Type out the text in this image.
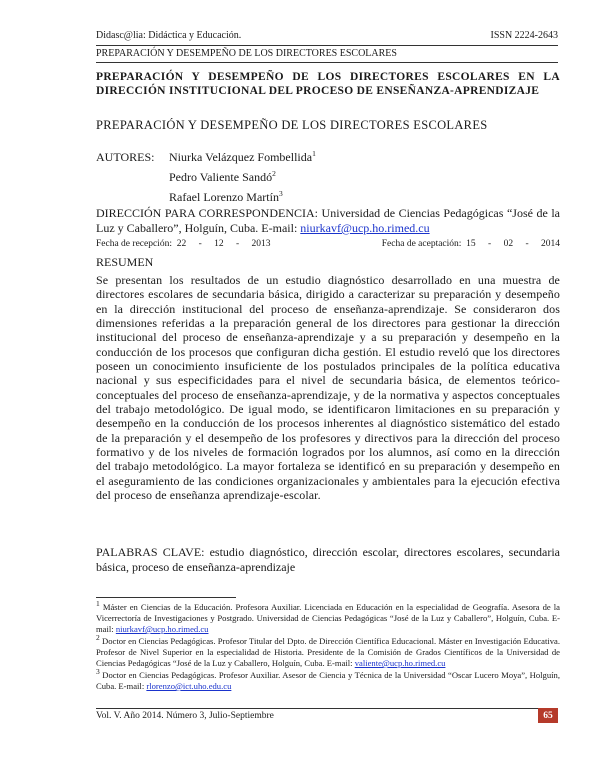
Didasc@lia: Didáctica y Educación.	ISSN 2224-2643
PREPARACIÓN Y DESEMPEÑO DE LOS DIRECTORES ESCOLARES
PREPARACIÓN Y DESEMPEÑO DE LOS DIRECTORES ESCOLARES EN LA DIRECCIÓN INSTITUCIONAL DEL PROCESO DE ENSEÑANZA-APRENDIZAJE
PREPARACIÓN Y DESEMPEÑO DE LOS DIRECTORES ESCOLARES
AUTORES: Niurka Velázquez Fombellida$^1$
Pedro Valiente Sandó$^2$
Rafael Lorenzo Martín$^3$
DIRECCIÓN PARA CORRESPONDENCIA: Universidad de Ciencias Pedagógicas “José de la Luz y Caballero”, Holguín, Cuba. E-mail: niurkavf@ucp.ho.rimed.cu
Fecha de recepción: 22 - 12 - 2013	Fecha de aceptación: 15 - 02 - 2014
RESUMEN
Se presentan los resultados de un estudio diagnóstico desarrollado en una muestra de directores escolares de secundaria básica, dirigido a caracterizar su preparación y desempeño en la dirección institucional del proceso de enseñanza-aprendizaje. Se consideraron dos dimensiones referidas a la preparación general de los directores para gestionar la dirección institucional del proceso de enseñanza-aprendizaje y a su preparación y desempeño en la conducción de los procesos que configuran dicha gestión. El estudio reveló que los directores poseen un conocimiento insuficiente de los postulados principales de la política educativa nacional y sus especificidades para el nivel de secundaria básica, de elementos teórico-conceptuales del proceso de enseñanza-aprendizaje, y de la normativa y aspectos conceptuales del trabajo metodológico. De igual modo, se identificaron limitaciones en su preparación y desempeño en la conducción de los procesos inherentes al diagnóstico sistemático del estado de la preparación y el desempeño de los profesores y directivos para la dirección del proceso formativo y de los niveles de formación logrados por los alumnos, así como en la dirección del trabajo metodológico. La mayor fortaleza se identificó en su preparación y desempeño en el aseguramiento de las condiciones organizacionales y ambientales para la ejecución efectiva del proceso de enseñanza aprendizaje-escolar.
PALABRAS CLAVE: estudio diagnóstico, dirección escolar, directores escolares, secundaria básica, proceso de enseñanza-aprendizaje

$^1$ Máster en Ciencias de la Educación. Profesora Auxiliar. Licenciada en Educación en la especialidad de Geografía. Asesora de la Vicerrectoría de Investigaciones y Postgrado. Universidad de Ciencias Pedagógicas “José de la Luz y Caballero”, Holguín, Cuba. E-mail: niurkavf@ucp.ho.rimed.cu

$^2$ Doctor en Ciencias Pedagógicas. Profesor Titular del Dpto. de Dirección Científica Educacional. Máster en Investigación Educativa. Profesor de Nivel Superior en la especialidad de Historia. Presidente de la Comisión de Grados Científicos de la Universidad de Ciencias Pedagógicas “José de la Luz y Caballero, Holguín, Cuba. E-mail: valiente@ucp.ho.rimed.cu

$^3$ Doctor en Ciencias Pedagógicas. Profesor Auxiliar. Asesor de Ciencia y Técnica de la Universidad “Oscar Lucero Moya”, Holguín, Cuba. E-mail: rlorenzo@ict.uho.edu.cu

Vol. V. Año 2014. Número 3, Julio-Septiembre	65
